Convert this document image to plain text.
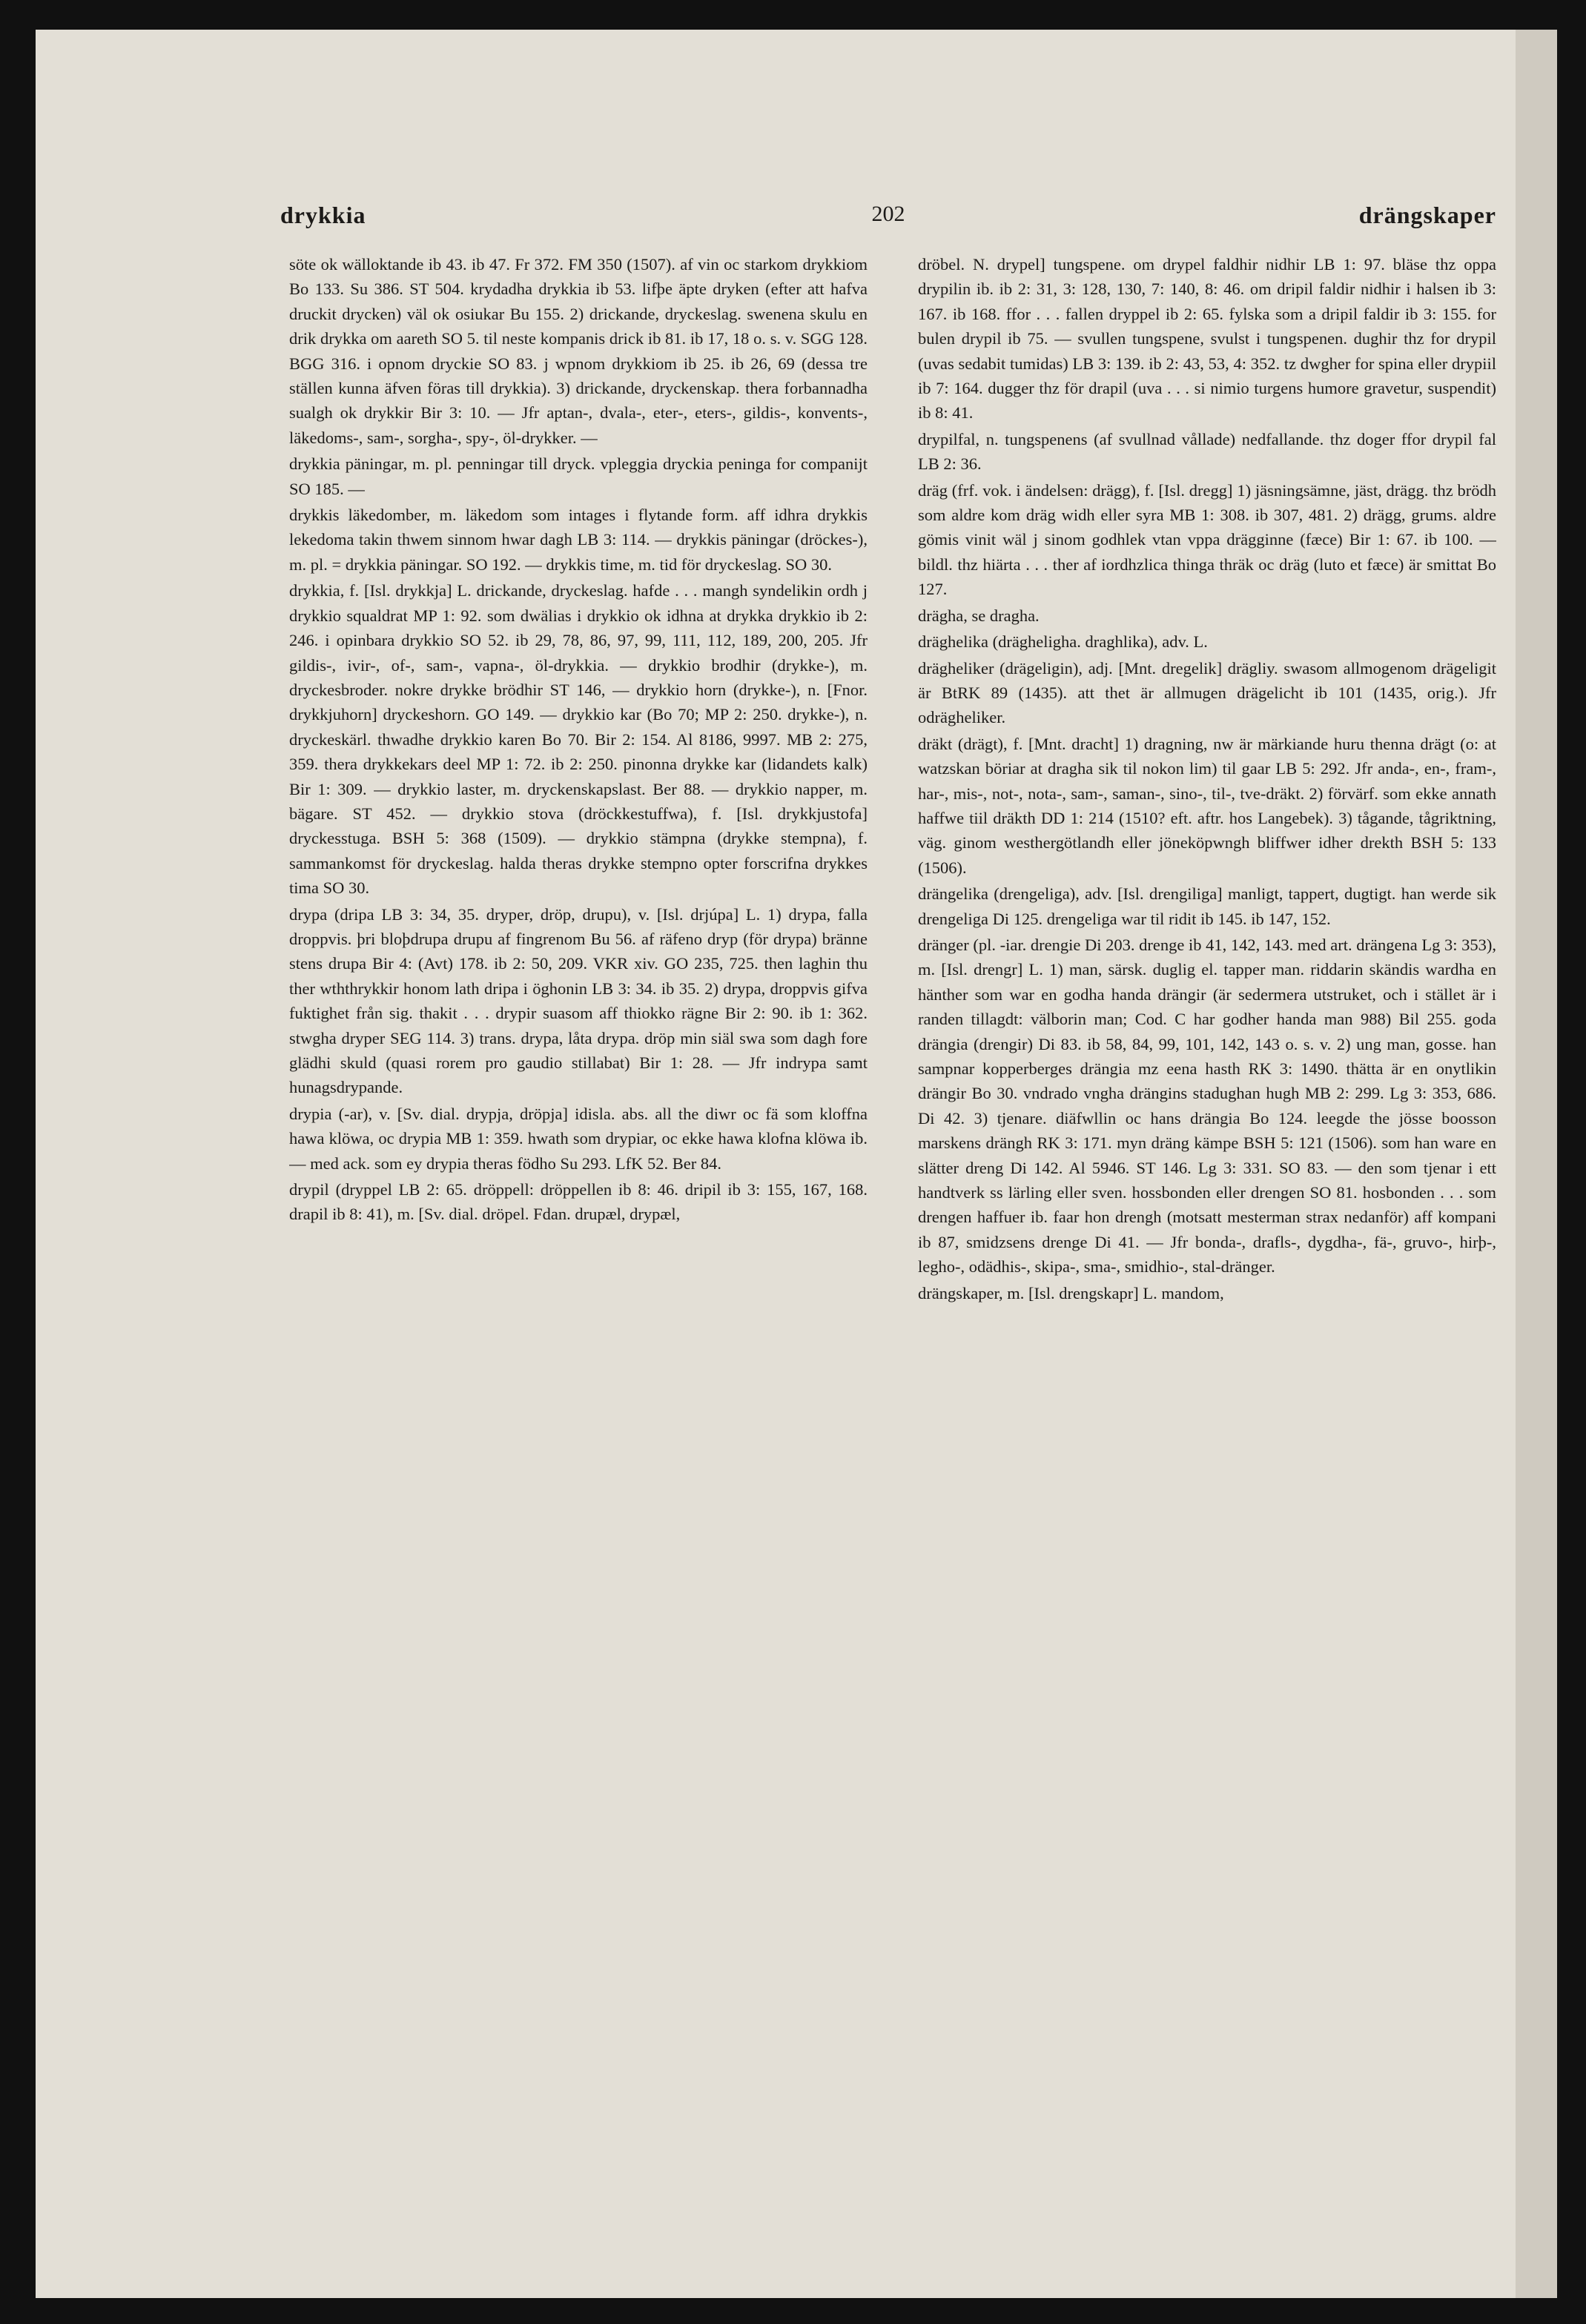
202
drykkia	drängskaper

söte ok wälloktande ib 43. ib 47. Fr 372. FM 350 (1507). af vin oc starkom drykkiom Bo 133. Su 386. ST 504. krydadha drykkia ib 53. lifþe äpte dryken (efter att hafva druckit drycken) väl ok osiukar Bu 155. 2) drickande, dryckeslag. swenena skulu en drik drykka om aareth SO 5. til neste kompanis drick ib 81. ib 17, 18 o. s. v. SGG 128. BGG 316. i opnom dryckie SO 83. j wpnom drykkiom ib 25. ib 26, 69 (dessa tre ställen kunna äfven föras till drykkia). 3) drickande, dryckenskap. thera forbannadha sualgh ok drykkir Bir 3: 10. — Jfr aptan-, dvala-, eter-, eters-, gildis-, konvents-, läkedoms-, sam-, sorgha-, spy-, öl-drykker. —

drykkia päningar, m. pl. penningar till dryck. vpleggia dryckia peninga for companijt SO 185. —

drykkis läkedomber, m. läkedom som intages i flytande form. aff idhra drykkis lekedoma takin thwem sinnom hwar dagh LB 3: 114. — drykkis päningar (dröckes-), m. pl. = drykkia päningar. SO 192. — drykkis time, m. tid för dryckeslag. SO 30.

drykkia, f. [Isl. drykkja] L. drickande, dryckeslag. hafde . . . mangh syndelikin ordh j drykkio squaldrat MP 1: 92. som dwälias i drykkio ok idhna at drykka drykkio ib 2: 246. i opinbara drykkio SO 52. ib 29, 78, 86, 97, 99, 111, 112, 189, 200, 205. Jfr gildis-, ivir-, of-, sam-, vapna-, öl-drykkia. — drykkio brodhir (drykke-), m. dryckesbroder. nokre drykke brödhir ST 146, — drykkio horn (drykke-), n. [Fnor. drykkjuhorn] dryckeshorn. GO 149. — drykkio kar (Bo 70; MP 2: 250. drykke-), n. dryckeskärl. thwadhe drykkio karen Bo 70. Bir 2: 154. Al 8186, 9997. MB 2: 275, 359. thera drykkekars deel MP 1: 72. ib 2: 250. pinonna drykke kar (lidandets kalk) Bir 1: 309. — drykkio laster, m. dryckenskapslast. Ber 88. — drykkio napper, m. bägare. ST 452. — drykkio stova (dröckkestuffwa), f. [Isl. drykkjustofa] dryckesstuga. BSH 5: 368 (1509). — drykkio stämpna (drykke stempna), f. sammankomst för dryckeslag. halda theras drykke stempno opter forscrifna drykkes tima SO 30.

drypa (dripa LB 3: 34, 35. dryper, dröp, drupu), v. [Isl. drjúpa] L. 1) drypa, falla droppvis. þri bloþdrupa drupu af fingrenom Bu 56. af räfeno dryp (för drypa) bränne stens drupa Bir 4: (Avt) 178. ib 2: 50, 209. VKR xiv. GO 235, 725. then laghin thu ther wththrykkir honom lath dripa i öghonin LB 3: 34. ib 35. 2) drypa, droppvis gifva fuktighet från sig. thakit . . . drypir suasom aff thiokko rägne Bir 2: 90. ib 1: 362. stwgha dryper SEG 114. 3) trans. drypa, låta drypa. dröp min siäl swa som dagh fore glädhi skuld (quasi rorem pro gaudio stillabat) Bir 1: 28. — Jfr indrypa samt hunagsdrypande.

drypia (-ar), v. [Sv. dial. drypja, dröpja] idisla. abs. all the diwr oc fä som kloffna hawa klöwa, oc drypia MB 1: 359. hwath som drypiar, oc ekke hawa klofna klöwa ib. — med ack. som ey drypia theras födho Su 293. LfK 52. Ber 84.

drypil (dryppel LB 2: 65. dröppell: dröppellen ib 8: 46. dripil ib 3: 155, 167, 168. drapil ib 8: 41), m. [Sv. dial. dröpel. Fdan. drupæl, drypæl,

dröbel. N. drypel] tungspene. om drypel faldhir nidhir LB 1: 97. bläse thz oppa drypilin ib. ib 2: 31, 3: 128, 130, 7: 140, 8: 46. om dripil faldir nidhir i halsen ib 3: 167. ib 168. ffor . . . fallen dryppel ib 2: 65. fylska som a dripil faldir ib 3: 155. for bulen drypil ib 75. — svullen tungspene, svulst i tungspenen. dughir thz for drypil (uvas sedabit tumidas) LB 3: 139. ib 2: 43, 53, 4: 352. tz dwgher for spina eller drypiil ib 7: 164. dugger thz för drapil (uva . . . si nimio turgens humore gravetur, suspendit) ib 8: 41.

drypilfal, n. tungspenens (af svullnad vållade) nedfallande. thz doger ffor drypil fal LB 2: 36.

dräg (frf. vok. i ändelsen: drägg), f. [Isl. dregg] 1) jäsningsämne, jäst, drägg. thz brödh som aldre kom dräg widh eller syra MB 1: 308. ib 307, 481. 2) drägg, grums. aldre gömis vinit wäl j sinom godhlek vtan vppa drägginne (fæce) Bir 1: 67. ib 100. — bildl. thz hiärta . . . ther af iordhzlica thinga thräk oc dräg (luto et fæce) är smittat Bo 127.

drägha, se dragha.

dräghelika (drägheligha. draghlika), adv. L.

drägheliker (drägeligin), adj. [Mnt. dregelik] drägliy. swasom allmogenom drägeligit är BtRK 89 (1435). att thet är allmugen drägelicht ib 101 (1435, orig.). Jfr odrägheliker.

dräkt (drägt), f. [Mnt. dracht] 1) dragning, nw är märkiande huru thenna drägt (o: at watzskan böriar at dragha sik til nokon lim) til gaar LB 5: 292. Jfr anda-, en-, fram-, har-, mis-, not-, nota-, sam-, saman-, sino-, til-, tve-dräkt. 2) förvärf. som ekke annath haffwe tiil dräkth DD 1: 214 (1510? eft. aftr. hos Langebek). 3) tågande, tågriktning, väg. ginom westhergötlandh eller jöneköpwngh bliffwer idher drekth BSH 5: 133 (1506).

drängelika (drengeliga), adv. [Isl. drengiliga] manligt, tappert, dugtigt. han werde sik drengeliga Di 125. drengeliga war til ridit ib 145. ib 147, 152.

dränger (pl. -iar. drengie Di 203. drenge ib 41, 142, 143. med art. drängena Lg 3: 353), m. [Isl. drengr] L. 1) man, särsk. duglig el. tapper man. riddarin skändis wardha en hänther som war en godha handa drängir (är sedermera utstruket, och i stället är i randen tillagdt: välborin man; Cod. C har godher handa man 988) Bil 255. goda drängia (drengir) Di 83. ib 58, 84, 99, 101, 142, 143 o. s. v. 2) ung man, gosse. han sampnar kopperberges drängia mz eena hasth RK 3: 1490. thätta är en onytlikin drängir Bo 30. vndrado vngha drängins stadughan hugh MB 2: 299. Lg 3: 353, 686. Di 42. 3) tjenare. diäfwllin oc hans drängia Bo 124. leegde the jösse boosson marskens drängh RK 3: 171. myn dräng kämpe BSH 5: 121 (1506). som han ware en slätter dreng Di 142. Al 5946. ST 146. Lg 3: 331. SO 83. — den som tjenar i ett handtverk ss lärling eller sven. hossbonden eller drengen SO 81. hosbonden . . . som drengen haffuer ib. faar hon drengh (motsatt mesterman strax nedanför) aff kompani ib 87, smidzsens drenge Di 41. — Jfr bonda-, drafls-, dygdha-, fä-, gruvo-, hirþ-, legho-, odädhis-, skipa-, sma-, smidhio-, stal-dränger.

drängskaper, m. [Isl. drengskapr] L. mandom,
